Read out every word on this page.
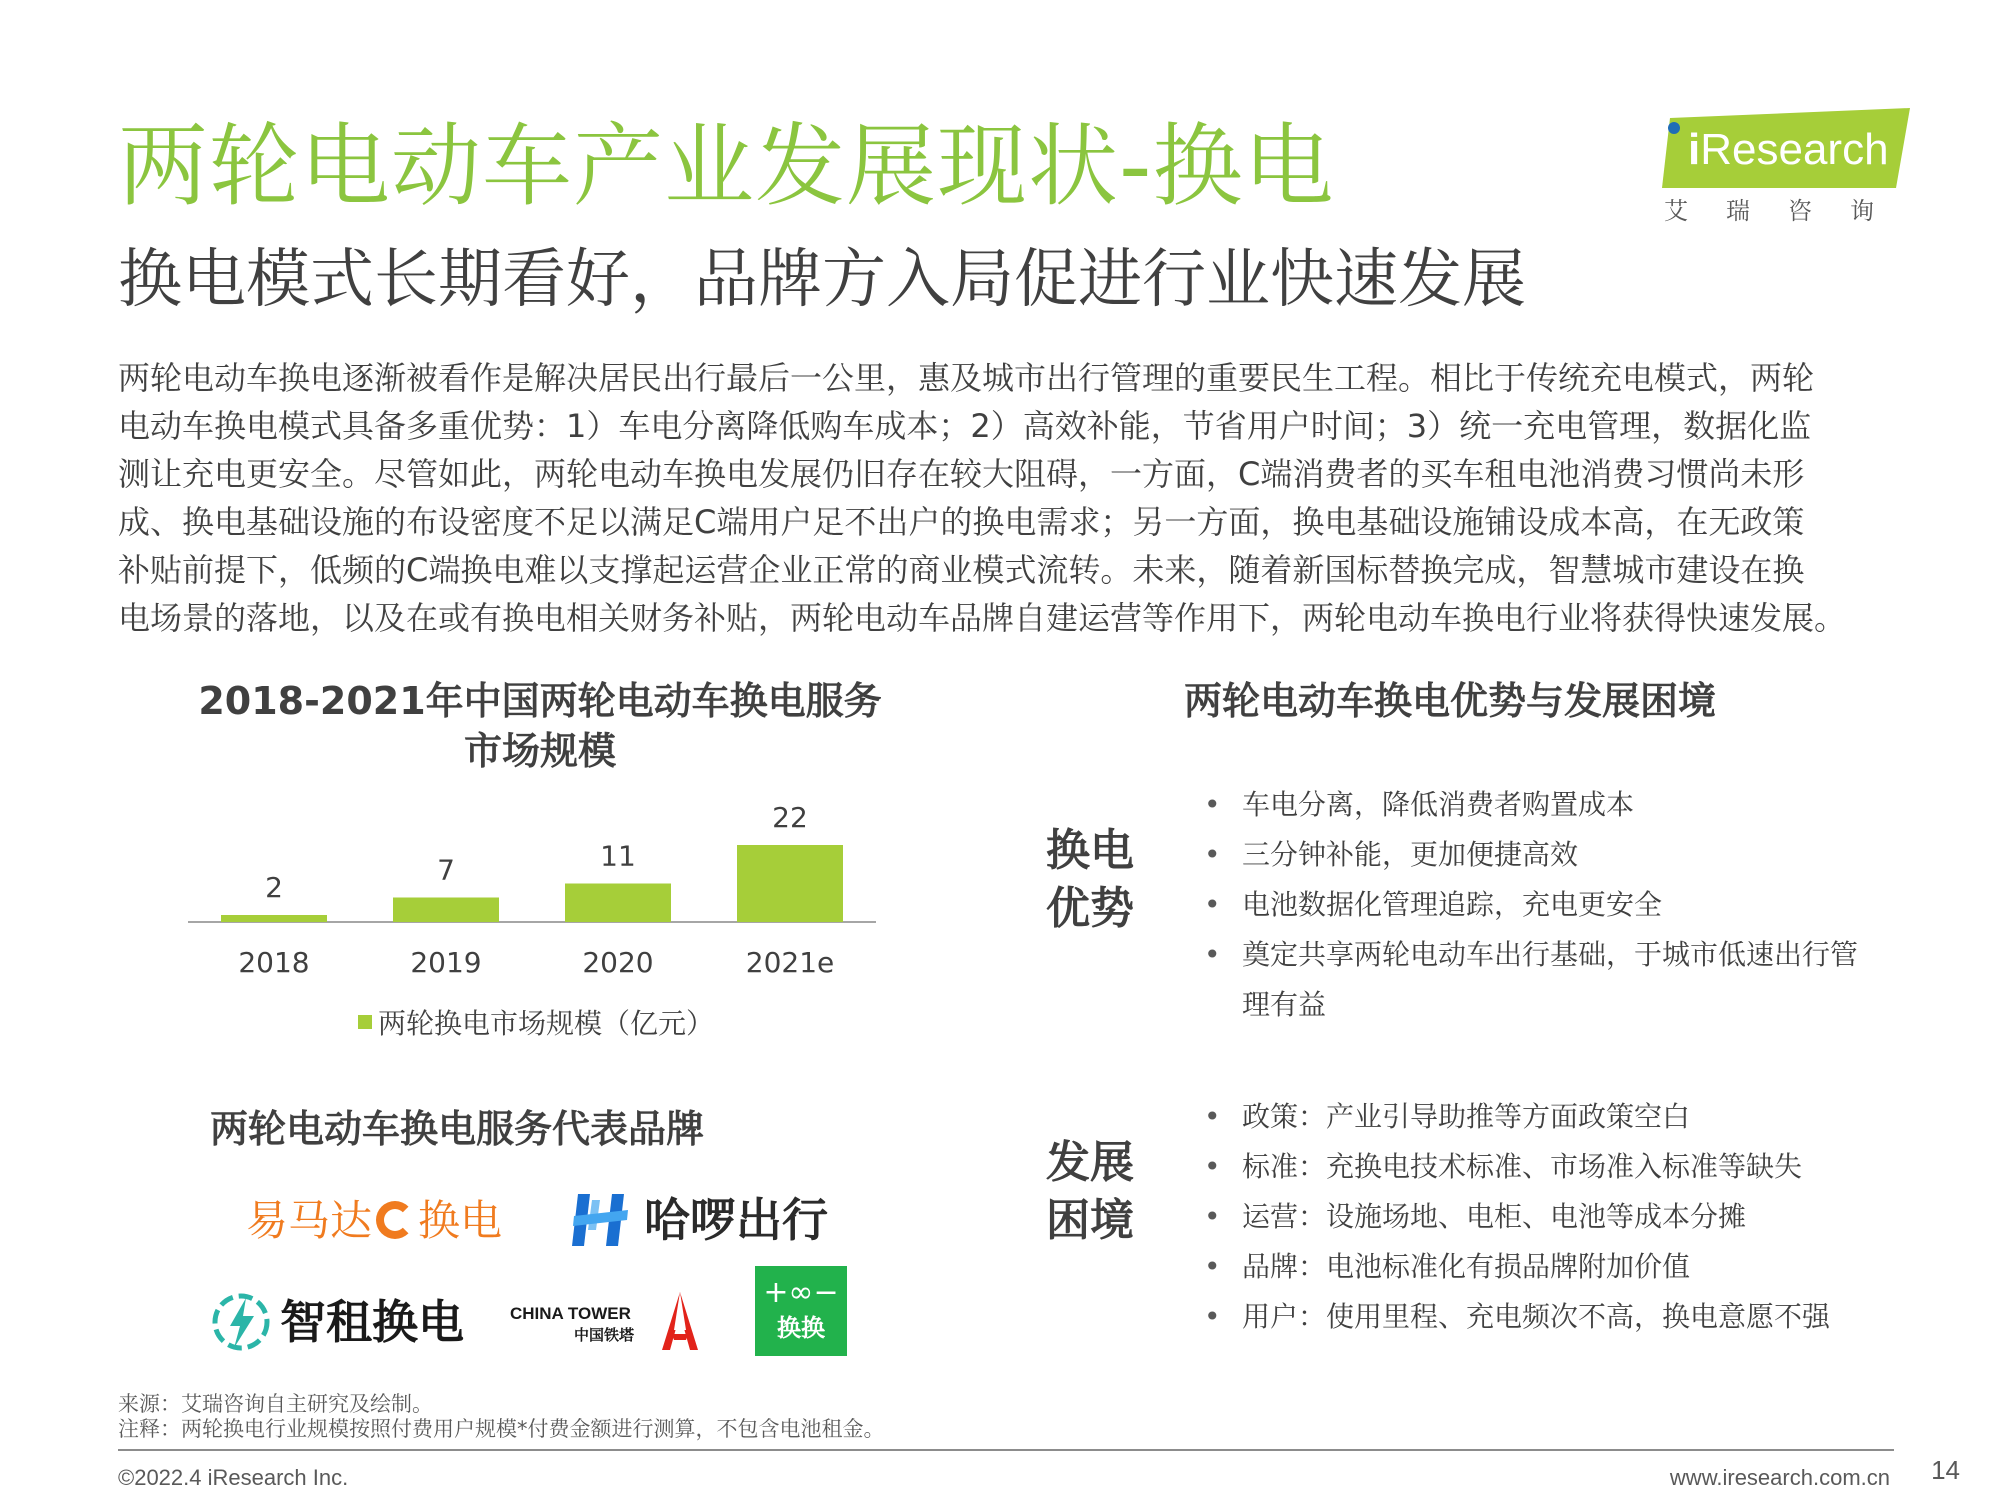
两轮电动车产业发展现状-换电
换电模式长期看好，品牌方入局促进行业快速发展
iResearch
艾瑞咨询

两轮电动车换电逐渐被看作是解决居民出行最后一公里，惠及城市出行管理的重要民生工程。相比于传统充电模式，两轮

电动车换电模式具备多重优势：1）车电分离降低购车成本；2）高效补能，节省用户时间；3）统一充电管理，数据化监

测让充电更安全。尽管如此，两轮电动车换电发展仍旧存在较大阻碍，一方面，C端消费者的买车租电池消费习惯尚未形

成、换电基础设施的布设密度不足以满足C端用户足不出户的换电需求；另一方面，换电基础设施铺设成本高，在无政策

补贴前提下，低频的C端换电难以支撑起运营企业正常的商业模式流转。未来，随着新国标替换完成，智慧城市建设在换

电场景的落地，以及在或有换电相关财务补贴，两轮电动车品牌自建运营等作用下，两轮电动车换电行业将获得快速发展。

2018-2021年中国两轮电动车换电服务
市场规模
2
2018
7
2019
11
2020
22
2021e
两轮换电市场规模（亿元）
两轮电动车换电优势与发展困境
换电优势
• 车电分离，降低消费者购置成本
• 三分钟补能，更加便捷高效
• 电池数据化管理追踪，充电更安全
• 奠定共享两轮电动车出行基础，于城市低速出行管理有益
发展困境
• 政策：产业引导助推等方面政策空白
• 标准：充换电技术标准、市场准入标准等缺失
• 运营：设施场地、电柜、电池等成本分摊
• 品牌：电池标准化有损品牌附加价值
• 用户：使用里程、充电频次不高，换电意愿不强
两轮电动车换电服务代表品牌
易马达 换电	哈啰出行
智租换电	CHINA TOWER
中国铁塔
+∞−
换换
来源：艾瑞咨询自主研究及绘制。
注释：两轮换电行业规模按照付费用户规模*付费金额进行测算，不包含电池租金。
©2022.4 iResearch Inc.	www.iresearch.com.cn 14
